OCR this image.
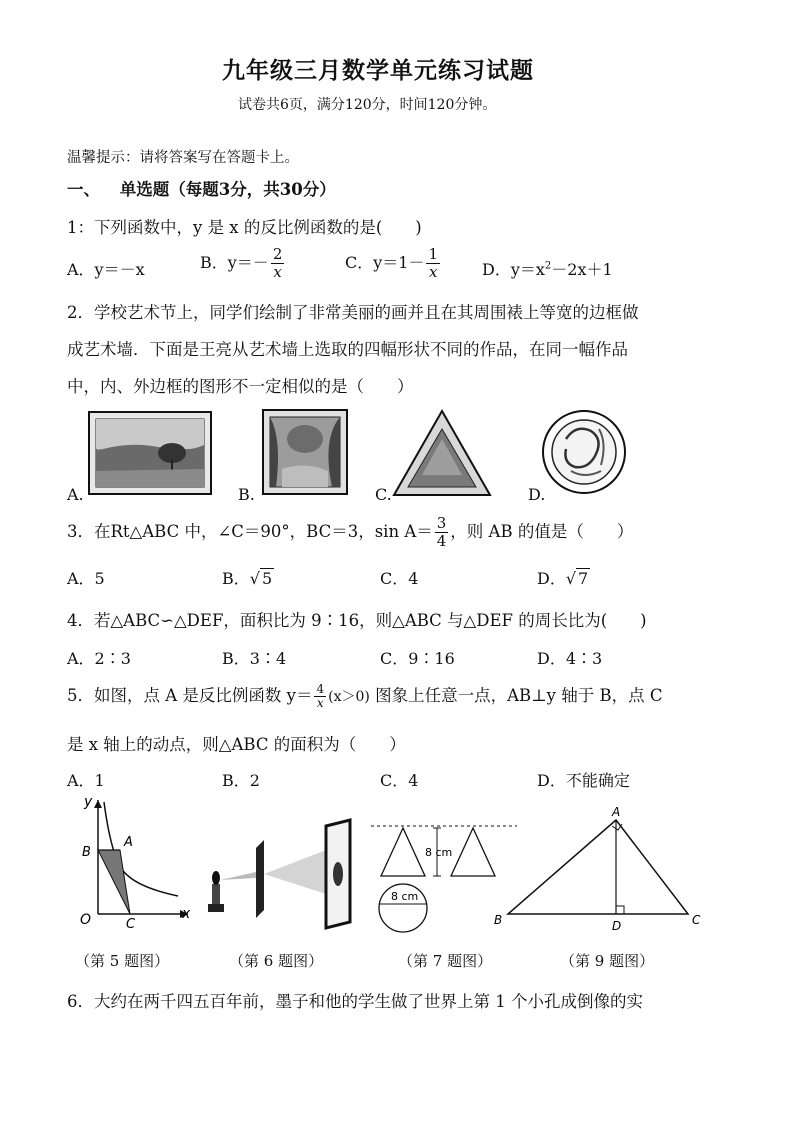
九年级三月数学单元练习试题
试卷共6页，满分120分，时间120分钟。
温馨提示：请将答案写在答题卡上。
一、 单选题（每题3分，共30分）
1：下列函数中，y 是 x 的反比例函数的是(　　)
A．y＝－x	B．$y=- \frac{2}{x}$	C．$y=1- \frac{1}{x}$	D．$y=x^2-2x+1$
2．学校艺术节上，同学们绘制了非常美丽的画并且在其周围裱上等宽的边框做
成艺术墙．下面是王亮从艺术墙上选取的四幅形状不同的作品，在同一幅作品
中，内、外边框的图形不一定相似的是（　　）
A.	B.	C.	D.
3．在Rt△ABC 中，∠C＝90°，BC＝3，$\sin A= \frac{3}{4}$ ，则 AB 的值是（　　）
A．5	B．√ 5	C．4	D．√ 7
4．若△ABC∽△DEF，面积比为 9∶16，则△ABC 与△DEF 的周长比为(　　)
A．2∶3	B．3∶4	C．9∶16	D．4∶3
5．如图，点 A 是反比例函数 $y= \frac{4}{x} (x>0)$ 图象上任意一点，AB⊥y 轴于 B，点 C
是 x 轴上的动点，则△ABC 的面积为（　　）
A．1	B．2	C．4	D．不能确定
y
x
O
A
B
C
（第 5 题图）	（第 6 题图）
8 cm
8 cm
（第 7 题图）
A
B	C
D
（第 9 题图）
6．大约在两千四五百年前，墨子和他的学生做了世界上第 1 个小孔成倒像的实
